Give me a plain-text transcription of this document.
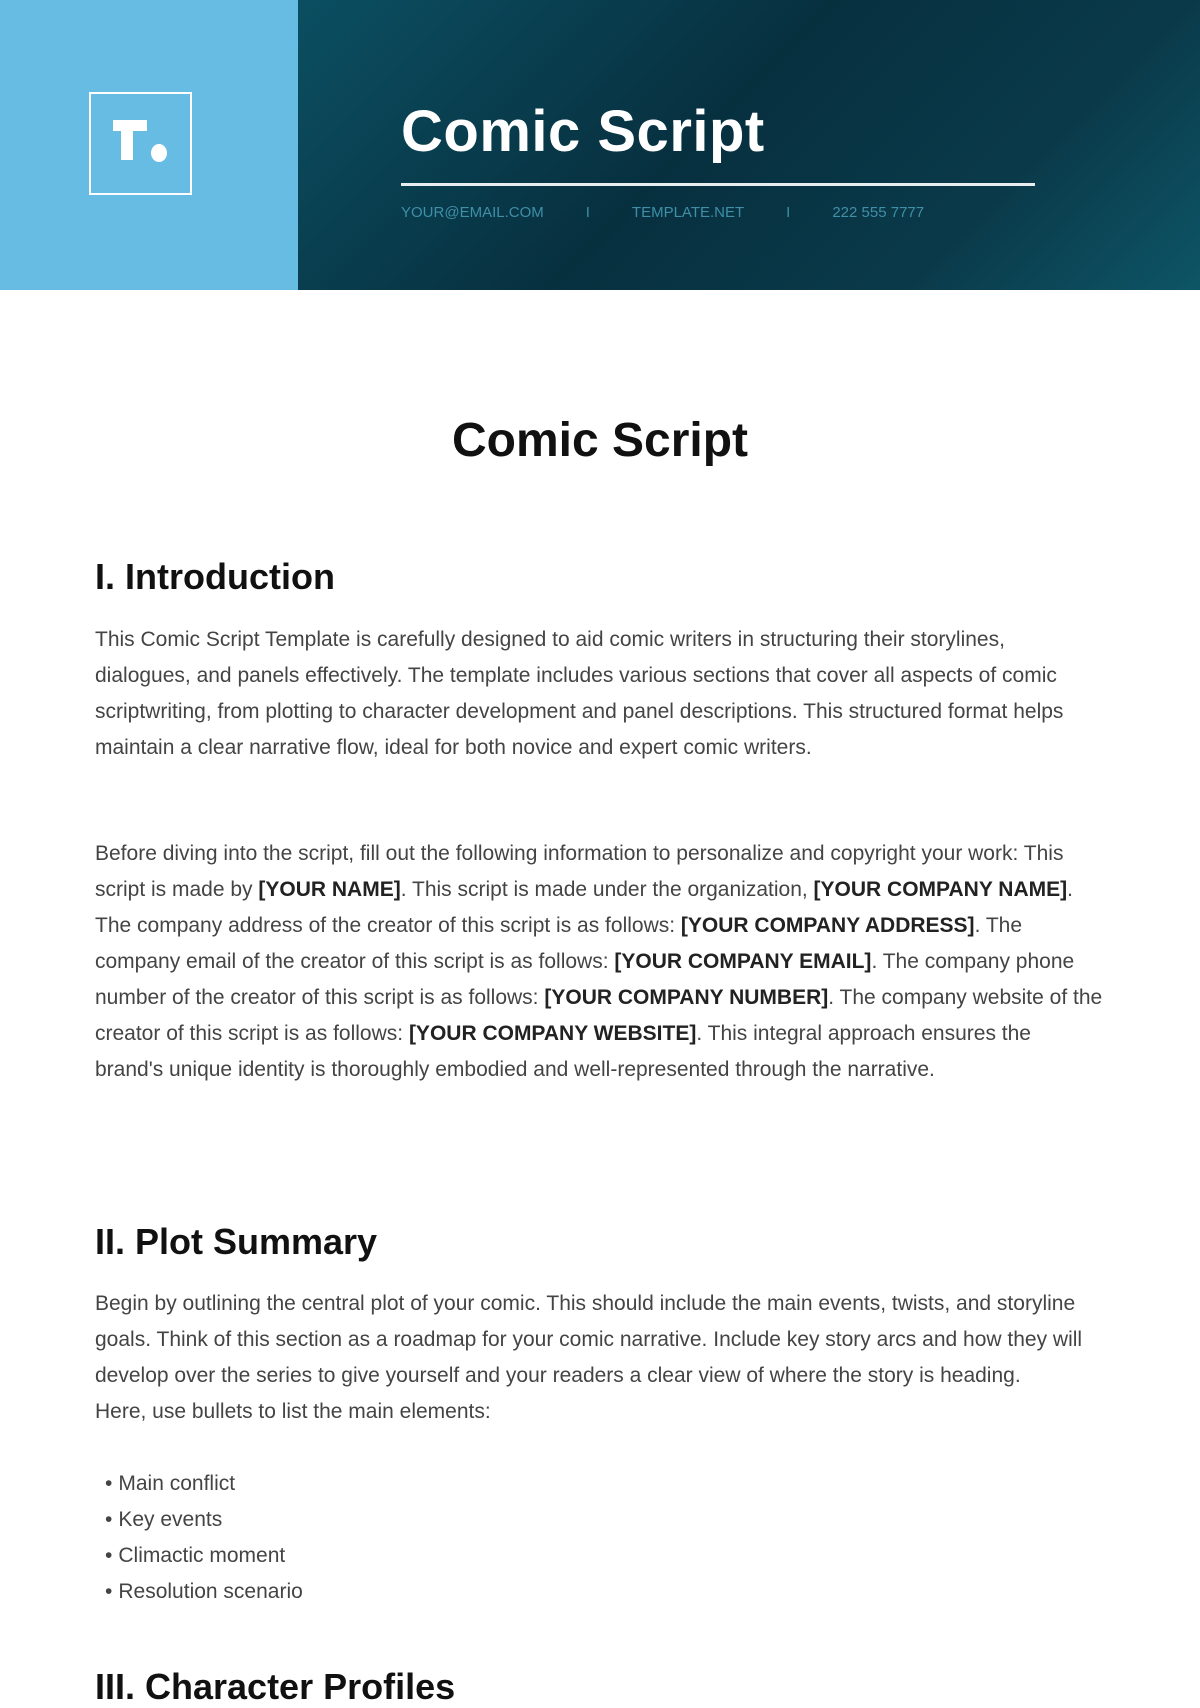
Comic Script
YOUR@EMAIL.COM	I	TEMPLATE.NET	I	222 555 7777
Comic Script
I. Introduction

This Comic Script Template is carefully designed to aid comic writers in structuring their storylines, dialogues, and panels effectively. The template includes various sections that cover all aspects of comic scriptwriting, from plotting to character development and panel descriptions. This structured format helps maintain a clear narrative flow, ideal for both novice and expert comic writers.

Before diving into the script, fill out the following information to personalize and copyright your work: This script is made by [YOUR NAME]. This script is made under the organization, [YOUR COMPANY NAME]. The company address of the creator of this script is as follows: [YOUR COMPANY ADDRESS]. The company email of the creator of this script is as follows: [YOUR COMPANY EMAIL]. The company phone number of the creator of this script is as follows: [YOUR COMPANY NUMBER]. The company website of the creator of this script is as follows: [YOUR COMPANY WEBSITE]. This integral approach ensures the brand's unique identity is thoroughly embodied and well-represented through the narrative.

II. Plot Summary

Begin by outlining the central plot of your comic. This should include the main events, twists, and storyline goals. Think of this section as a roadmap for your comic narrative. Include key story arcs and how they will develop over the series to give yourself and your readers a clear view of where the story is heading.
Here, use bullets to list the main elements:

• Main conflict
• Key events
• Climactic moment
• Resolution scenario
III. Character Profiles
